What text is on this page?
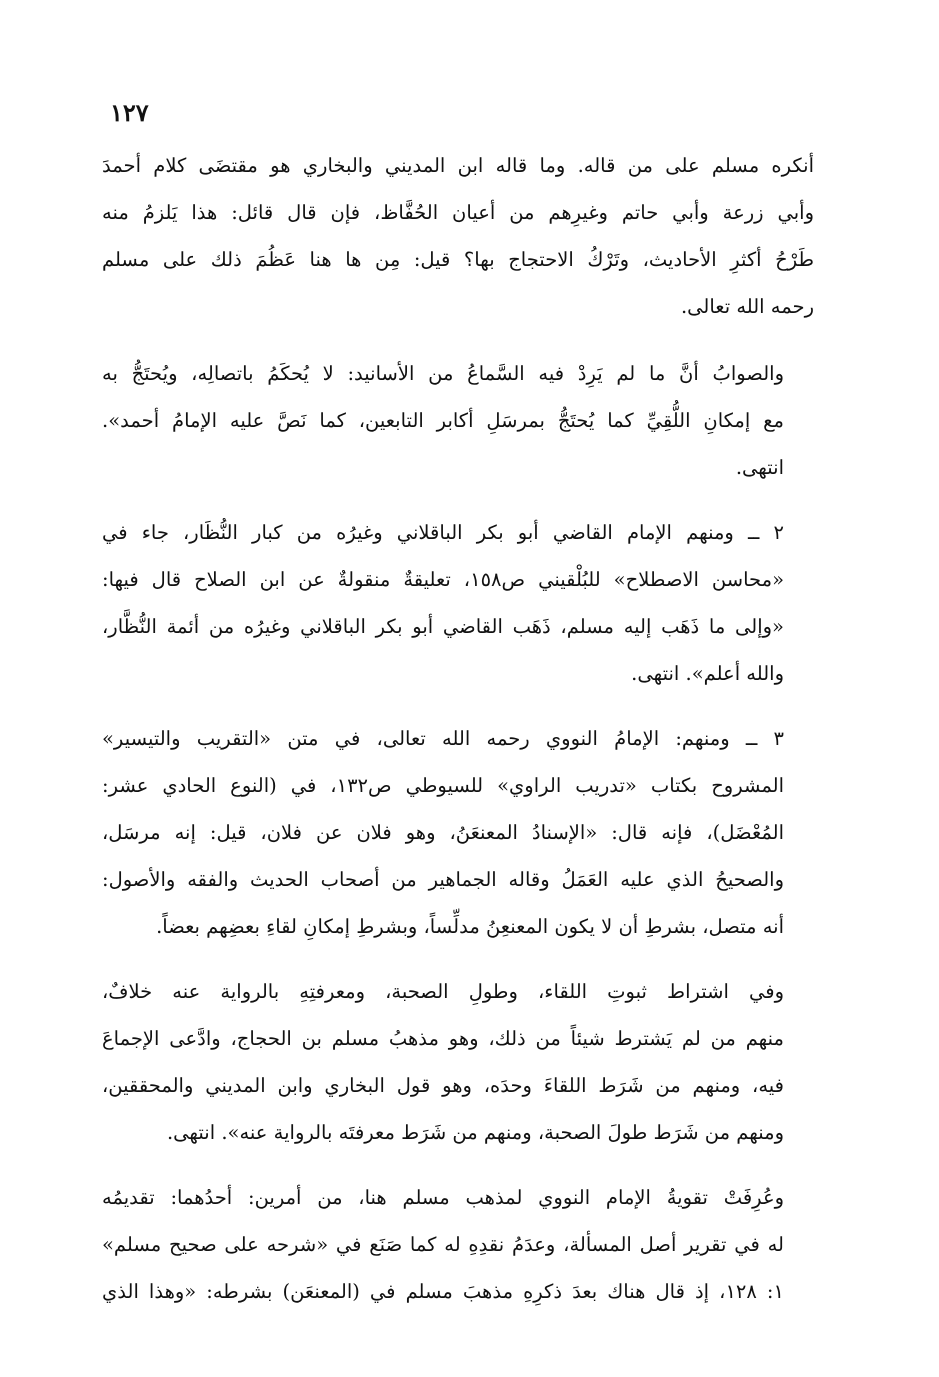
١٢٧

أنكره مسلم على من قاله. وما قاله ابن المديني والبخاري هو مقتضَى كلام أحمدَ
وأبي زرعة وأبي حاتم وغيرِهم من أعيان الحُفَّاظ، فإن قال قائل: هذا يَلزمُ منه
طَرْحُ أكثرِ الأحاديث، وتَرْكُ الاحتجاج بها؟ قيل: مِن ها هنا عَظُمَ ذلك على مسلم
رحمه الله تعالى.

والصوابُ أنَّ ما لم يَرِدْ فيه السَّماعُ من الأسانيد: لا يُحكَمُ باتصالِه، ويُحتَجُّ به
مع إمكانِ اللُّقِيِّ كما يُحتَجُّ بمرسَلِ أكابر التابعين، كما نَصَّ عليه الإمامُ أحمد».
انتهى.

٢ ــ ومنهم الإمام القاضي أبو بكر الباقلاني وغيرُه من كبار النُّظَار، جاء في
«محاسن الاصطلاح» للبُلْقيني ص١٥٨، تعليقةٌ منقولةٌ عن ابن الصلاح قال فيها:
«وإلى ما ذَهَب إليه مسلم، ذَهَب القاضي أبو بكر الباقلاني وغيرُه من أئمة النُّظَّار،
والله أعلم». انتهى.

٣ ــ ومنهم: الإمامُ النووي رحمه الله تعالى، في متن «التقريب والتيسير»
المشروح بكتاب «تدريب الراوي» للسيوطي ص١٣٢، في (النوع الحادي عشر:
المُعْضَل)، فإنه قال: «الإسنادُ المعنعَنُ، وهو فلان عن فلان، قيل: إنه مرسَل،
والصحيحُ الذي عليه العَمَلُ وقاله الجماهير من أصحاب الحديث والفقه والأصول:
أنه متصل، بشرطِ أن لا يكون المعنعِنُ مدلِّساً، وبشرطِ إمكانِ لقاءِ بعضِهم بعضاً.

وفي اشتراط ثبوتِ اللقاء، وطولِ الصحبة، ومعرفتِهِ بالرواية عنه خلافٌ،
منهم من لم يَشترط شيئاً من ذلك، وهو مذهبُ مسلم بن الحجاج، وادَّعى الإجماعَ
فيه، ومنهم من شَرَط اللقاءَ وحدَه، وهو قول البخاري وابن المديني والمحققين،
ومنهم من شَرَط طولَ الصحبة، ومنهم من شَرَط معرفتَه بالرواية عنه». انتهى.

وعُرِفَتْ تقويةُ الإمام النووي لمذهب مسلم هنا، من أمرين: أحدُهما: تقديمُه
له في تقرير أصل المسألة، وعدَمُ نقدِهِ له كما صَنَع في «شرحه على صحيح مسلم»
١: ١٢٨، إذ قال هناك بعدَ ذكرِهِ مذهبَ مسلم في (المعنعَن) بشرطه: «وهذا الذي
